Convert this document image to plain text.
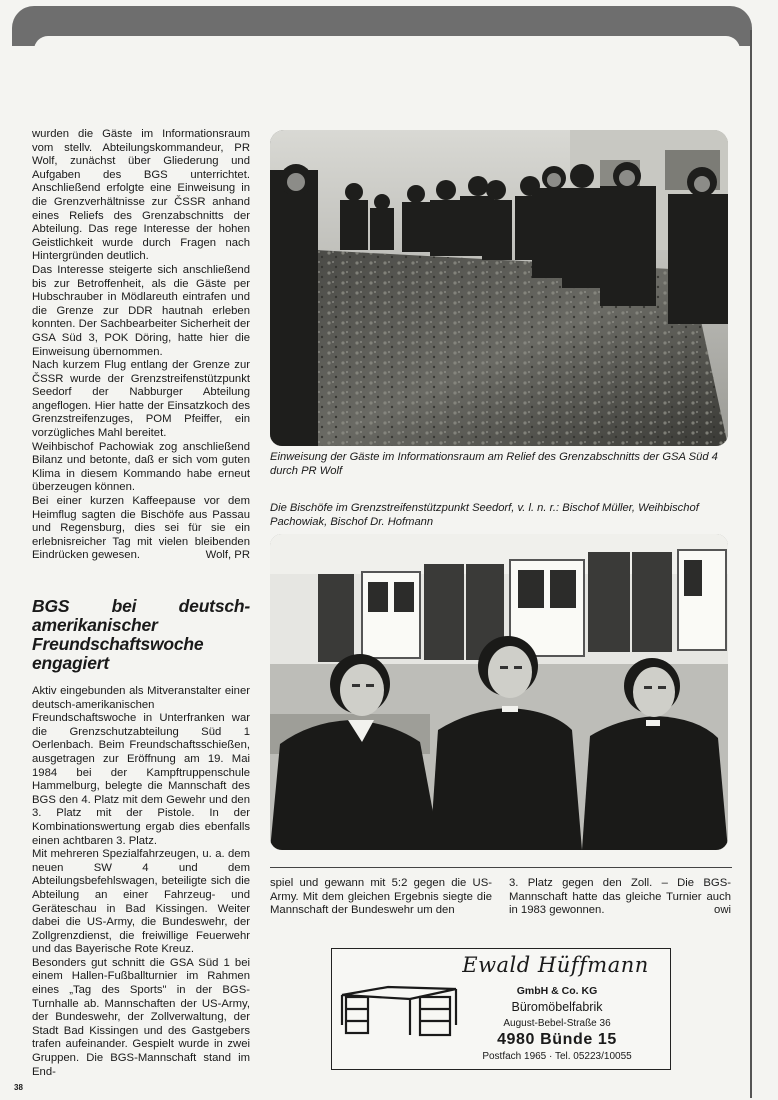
wurden die Gäste im Informationsraum vom stellv. Abteilungskommandeur, PR Wolf, zunächst über Gliederung und Aufgaben des BGS unterrichtet. Anschließend erfolgte eine Einweisung in die Grenzverhältnisse zur ČSSR anhand eines Reliefs des Grenzabschnitts der Abteilung. Das rege Interesse der hohen Geistlichkeit wurde durch Fragen nach Hintergründen deutlich.

Das Interesse steigerte sich anschließend bis zur Betroffenheit, als die Gäste per Hubschrauber in Mödlareuth eintrafen und die Grenze zur DDR hautnah erleben konnten. Der Sachbearbeiter Sicherheit der GSA Süd 3, POK Döring, hatte hier die Einweisung übernommen.

Nach kurzem Flug entlang der Grenze zur ČSSR wurde der Grenzstreifenstützpunkt Seedorf der Nabburger Abteilung angeflogen. Hier hatte der Einsatzkoch des Grenzstreifenzuges, POM Pfeiffer, ein vorzügliches Mahl bereitet.

Weihbischof Pachowiak zog anschließend Bilanz und betonte, daß er sich vom guten Klima in diesem Kommando habe erneut überzeugen können.

Bei einer kurzen Kaffeepause vor dem Heimflug sagten die Bischöfe aus Passau und Regensburg, dies sei für sie ein erlebnisreicher Tag mit vielen bleibenden Eindrücken gewesen.	Wolf, PR

BGS bei deutsch-amerikanischer Freundschaftswoche engagiert

Aktiv eingebunden als Mitveranstalter einer deutsch-amerikanischen Freundschaftswoche in Unterfranken war die Grenzschutzabteilung Süd 1 Oerlenbach. Beim Freundschaftsschießen, ausgetragen zur Eröffnung am 19. Mai 1984 bei der Kampftruppenschule Hammelburg, belegte die Mannschaft des BGS den 4. Platz mit dem Gewehr und den 3. Platz mit der Pistole. In der Kombinationswertung ergab dies ebenfalls einen achtbaren 3. Platz.

Mit mehreren Spezialfahrzeugen, u. a. dem neuen SW 4 und dem Abteilungsbefehlswagen, beteiligte sich die Abteilung an einer Fahrzeug- und Geräteschau in Bad Kissingen. Weiter dabei die US-Army, die Bundeswehr, der Zollgrenzdienst, die freiwillige Feuerwehr und das Bayerische Rote Kreuz.

Besonders gut schnitt die GSA Süd 1 bei einem Hallen-Fußballturnier im Rahmen eines „Tag des Sports" in der BGS-Turnhalle ab. Mannschaften der US-Army, der Bundeswehr, der Zollverwaltung, der Stadt Bad Kissingen und des Gastgebers trafen aufeinander. Gespielt wurde in zwei Gruppen. Die BGS-Mannschaft stand im End-

38
Einweisung der Gäste im Informationsraum am Relief des Grenzabschnitts der GSA Süd 4 durch PR Wolf
Die Bischöfe im Grenzstreifenstützpunkt Seedorf, v. l. n. r.: Bischof Müller, Weihbischof Pachowiak, Bischof Dr. Hofmann

spiel und gewann mit 5:2 gegen die US-Army. Mit dem gleichen Ergebnis siegte die Mannschaft der Bundeswehr um den

3. Platz gegen den Zoll. – Die BGS-Mannschaft hatte das gleiche Turnier auch in 1983 gewonnen.	owi

Ewald Hüffmann
GmbH & Co. KG
Büromöbelfabrik
August-Bebel-Straße 36
4980 Bünde 15
Postfach 1965 · Tel. 05223/10055
